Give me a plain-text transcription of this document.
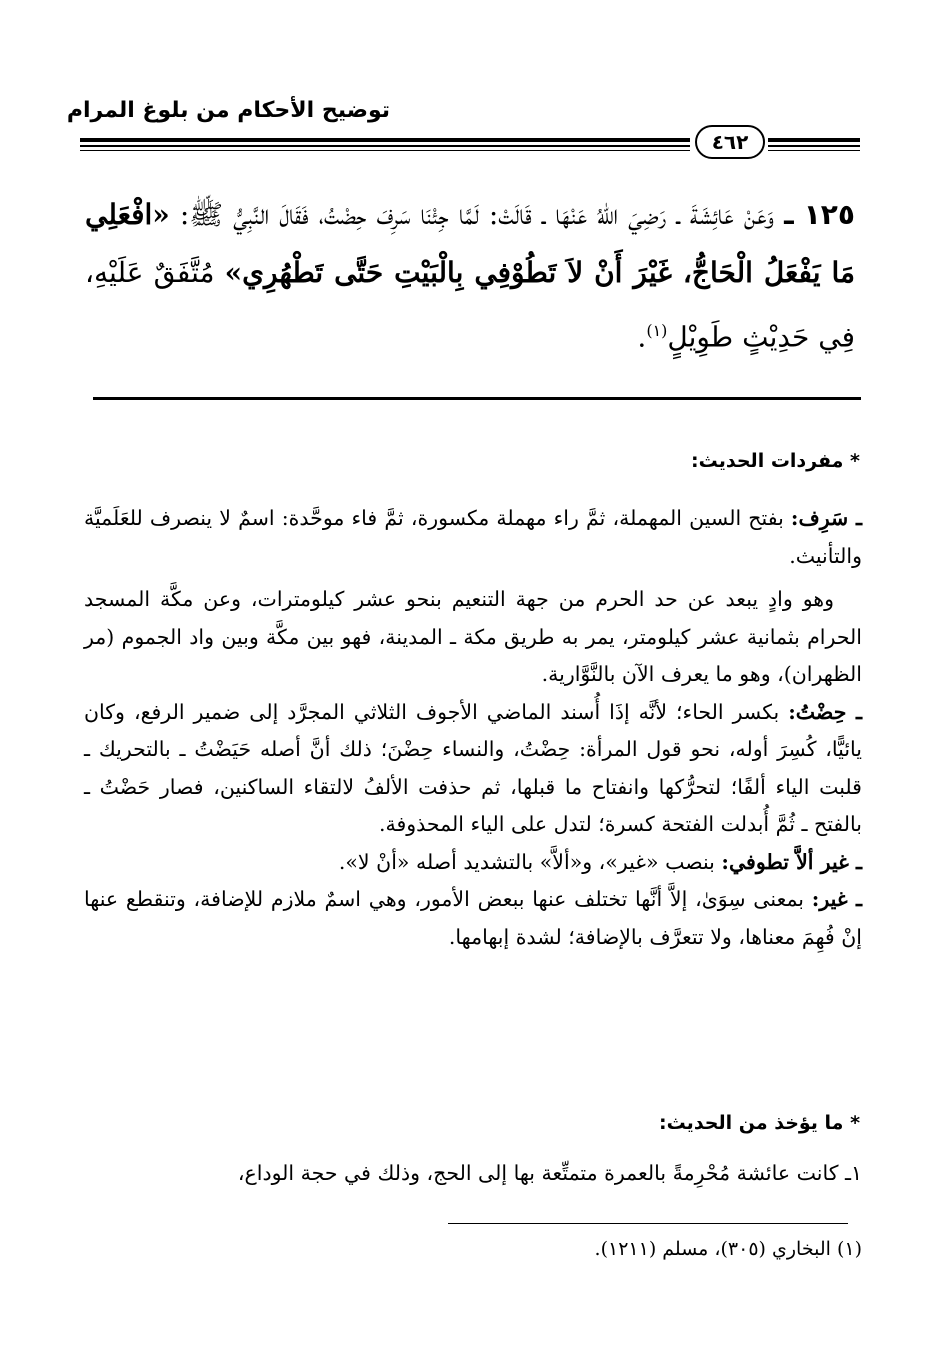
توضيح الأحكام من بلوغ المرام
٤٦٢
١٢٥ ـ وَعَنْ عَائِشَةَ ـ رَضِيَ اللهُ عَنْهَا ـ قَالَتْ: لَمَّا جِئْنَا سَرِفَ حِضْتُ، فَقَالَ النَّبِيُّ ﷺ: «افْعَلِي مَا يَفْعَلُ الْحَاجُّ، غَيْرَ أَنْ لاَ تَطُوْفِي بِالْبَيْتِ حَتَّى تَطْهُرِي» مُتَّفَقٌ عَلَيْهِ، فِي حَدِيْثٍ طَوِيْلٍ$^{(١)}$.
* مفردات الحديث:

ـ سَرِف: بفتح السين المهملة، ثمَّ راء مهملة مكسورة، ثمَّ فاء موحَّدة: اسمٌ لا ينصرف للعَلَميَّة والتأنيث.

وهو وادٍ يبعد عن حد الحرم من جهة التنعيم بنحو عشر كيلومترات، وعن مكَّة المسجد الحرام بثمانية عشر كيلومتر، يمر به طريق مكة ـ المدينة، فهو بين مكَّة وبين واد الجموم (مر الظهران)، وهو ما يعرف الآن بالنَّوَّارية.

ـ حِضْتُ: بكسر الحاء؛ لأنَّه إذَا أُسند الماضي الأجوف الثلاثي المجرَّد إلى ضمير الرفع، وكان يائيًّا، كُسِرَ أوله، نحو قول المرأة: حِضْتُ، والنساء حِضْنَ؛ ذلك أنَّ أصله حَيَضْتُ ـ بالتحريك ـ قلبت الياء ألفًا؛ لتحرُّكها وانفتاح ما قبلها، ثم حذفت الألفُ لالتقاء الساكنين، فصار حَضْتُ ـ بالفتح ـ ثُمَّ أُبدلت الفتحة كسرة؛ لتدل على الياء المحذوفة.

ـ غير ألاَّ تطوفي: بنصب «غير»، و«ألاَّ» بالتشديد أصله «أنْ لا».

ـ غير: بمعنى سِوَىٰ، إلاَّ أنَّها تختلف عنها ببعض الأمور، وهي اسمٌ ملازم للإضافة، وتنقطع عنها إنْ فُهِمَ معناها، ولا تتعرَّف بالإضافة؛ لشدة إبهامها.

* ما يؤخذ من الحديث:

١ـ كانت عائشة مُحْرِمةً بالعمرة متمتِّعة بها إلى الحج، وذلك في حجة الوداع،

(١) البخاري (٣٠٥)، مسلم (١٢١١).
